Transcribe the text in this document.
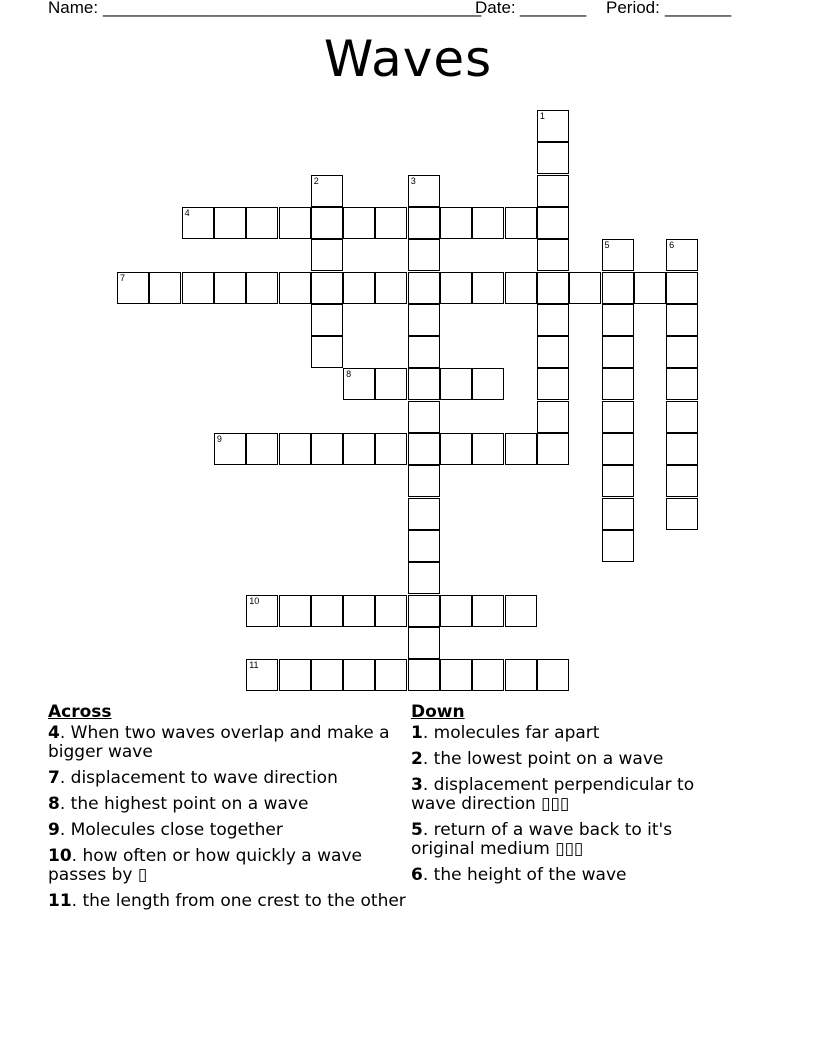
Name: ________________________________________
Date: _______ Period: _______
Waves
1
2	3
4
5	6
7
8
9
10
11
Across
4. When two waves overlap and make a bigger wave
7. displacement to wave direction
8. the highest point on a wave
9. Molecules close together
10. how often or how quickly a wave passes by ▯
11. the length from one crest to the other
Down
1. molecules far apart
2. the lowest point on a wave
3. displacement perpendicular to wave direction ▯▯▯
5. return of a wave back to it's original medium ▯▯▯
6. the height of the wave
